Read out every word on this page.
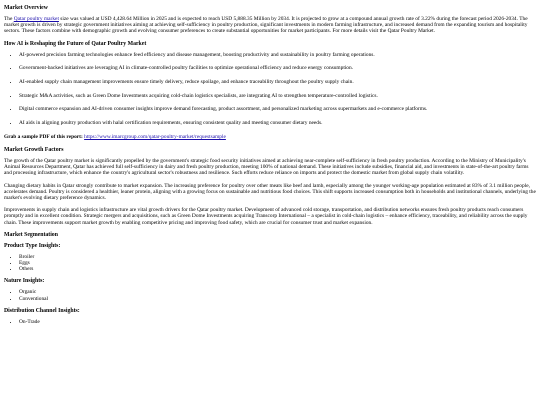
Market Overview

The Qatar poultry market size was valued at USD 4,428.64 Million in 2025 and is expected to reach USD 5,888.35 Million by 2034. It is projected to grow at a compound annual growth rate of 3.22% during the forecast period 2026-2034. The market growth is driven by strategic government initiatives aiming at achieving self-sufficiency in poultry production, significant investments in modern farming infrastructure, and increased demand from the expanding tourism and hospitality sectors. These factors combine with demographic growth and evolving consumer preferences to create substantial opportunities for market participants. For more details visit the Qatar Poultry Market.

How AI is Reshaping the Future of Qatar Poultry Market
• AI-powered precision farming technologies enhance feed efficiency and disease management, boosting productivity and sustainability in poultry farming operations.
• Government-backed initiatives are leveraging AI in climate-controlled poultry facilities to optimize operational efficiency and reduce energy consumption.
• AI-enabled supply chain management improvements ensure timely delivery, reduce spoilage, and enhance traceability throughout the poultry supply chain.
• Strategic M&A activities, such as Green Dome Investments acquiring cold-chain logistics specialists, are integrating AI to strengthen temperature-controlled logistics.
• Digital commerce expansion and AI-driven consumer insights improve demand forecasting, product assortment, and personalized marketing across supermarkets and e-commerce platforms.
• AI aids in aligning poultry production with halal certification requirements, ensuring consistent quality and meeting consumer dietary needs.

Grab a sample PDF of this report: https://www.imarcgroup.com/qatar-poultry-market/requestsample

Market Growth Factors

The growth of the Qatar poultry market is significantly propelled by the government's strategic food security initiatives aimed at achieving near-complete self-sufficiency in fresh poultry production. According to the Ministry of Municipality's Animal Resources Department, Qatar has achieved full self-sufficiency in dairy and fresh poultry production, meeting 100% of national demand. These initiatives include subsidies, financial aid, and investments in state-of-the-art poultry farms and processing infrastructure, which enhance the country's agricultural sector's robustness and resilience. Such efforts reduce reliance on imports and protect the domestic market from global supply chain volatility.

Changing dietary habits in Qatar strongly contribute to market expansion. The increasing preference for poultry over other meats like beef and lamb, especially among the younger working-age population estimated at 83% of 3.1 million people, accelerates demand. Poultry is considered a healthier, leaner protein, aligning with a growing focus on sustainable and nutritious food choices. This shift supports increased consumption both in households and institutional channels, underlying the market's evolving dietary preference dynamics.

Improvements in supply chain and logistics infrastructure are vital growth drivers for the Qatar poultry market. Development of advanced cold storage, transportation, and distribution networks ensures fresh poultry products reach consumers promptly and in excellent condition. Strategic mergers and acquisitions, such as Green Dome Investments acquiring Transcorp International – a specialist in cold-chain logistics – enhance efficiency, traceability, and reliability across the supply chain. These improvements support market growth by enabling competitive pricing and improving food safety, which are crucial for consumer trust and market expansion.

Market Segmentation
Product Type Insights:
• Broiler
• Eggs
• Others
Nature Insights:
• Organic
• Conventional
Distribution Channel Insights:
• On-Trade
